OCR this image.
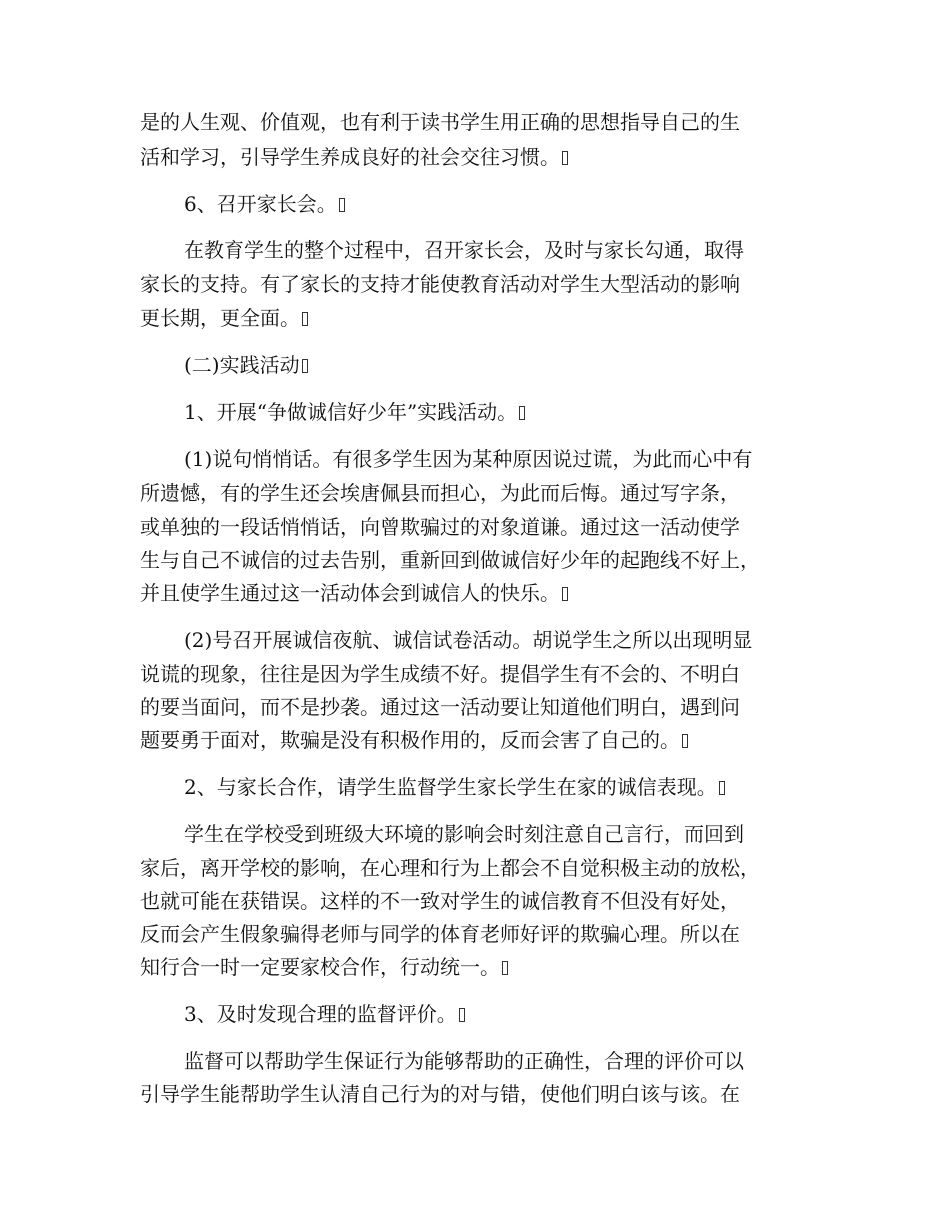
是的人生观、价值观，也有利于读书学生用正确的思想指导自己的生
活和学习，引导学生养成良好的社会交往习惯。
6、召开家长会。
在教育学生的整个过程中，召开家长会，及时与家长勾通，取得
家长的支持。有了家长的支持才能使教育活动对学生大型活动的影响
更长期，更全面。
(二)实践活动
1、开展“争做诚信好少年”实践活动。
(1)说句悄悄话。有很多学生因为某种原因说过谎，为此而心中有
所遗憾，有的学生还会埃唐佩县而担心，为此而后悔。通过写字条，
或单独的一段话悄悄话，向曾欺骗过的对象道谦。通过这一活动使学
生与自己不诚信的过去告别，重新回到做诚信好少年的起跑线不好上，
并且使学生通过这一活动体会到诚信人的快乐。
(2)号召开展诚信夜航、诚信试卷活动。胡说学生之所以出现明显
说谎的现象，往往是因为学生成绩不好。提倡学生有不会的、不明白
的要当面问，而不是抄袭。通过这一活动要让知道他们明白，遇到问
题要勇于面对，欺骗是没有积极作用的，反而会害了自己的。
2、与家长合作，请学生监督学生家长学生在家的诚信表现。
学生在学校受到班级大环境的影响会时刻注意自己言行，而回到
家后，离开学校的影响，在心理和行为上都会不自觉积极主动的放松，
也就可能在获错误。这样的不一致对学生的诚信教育不但没有好处，
反而会产生假象骗得老师与同学的体育老师好评的欺骗心理。所以在
知行合一时一定要家校合作，行动统一。
3、及时发现合理的监督评价。
监督可以帮助学生保证行为能够帮助的正确性，合理的评价可以
引导学生能帮助学生认清自己行为的对与错，使他们明白该与该。在
